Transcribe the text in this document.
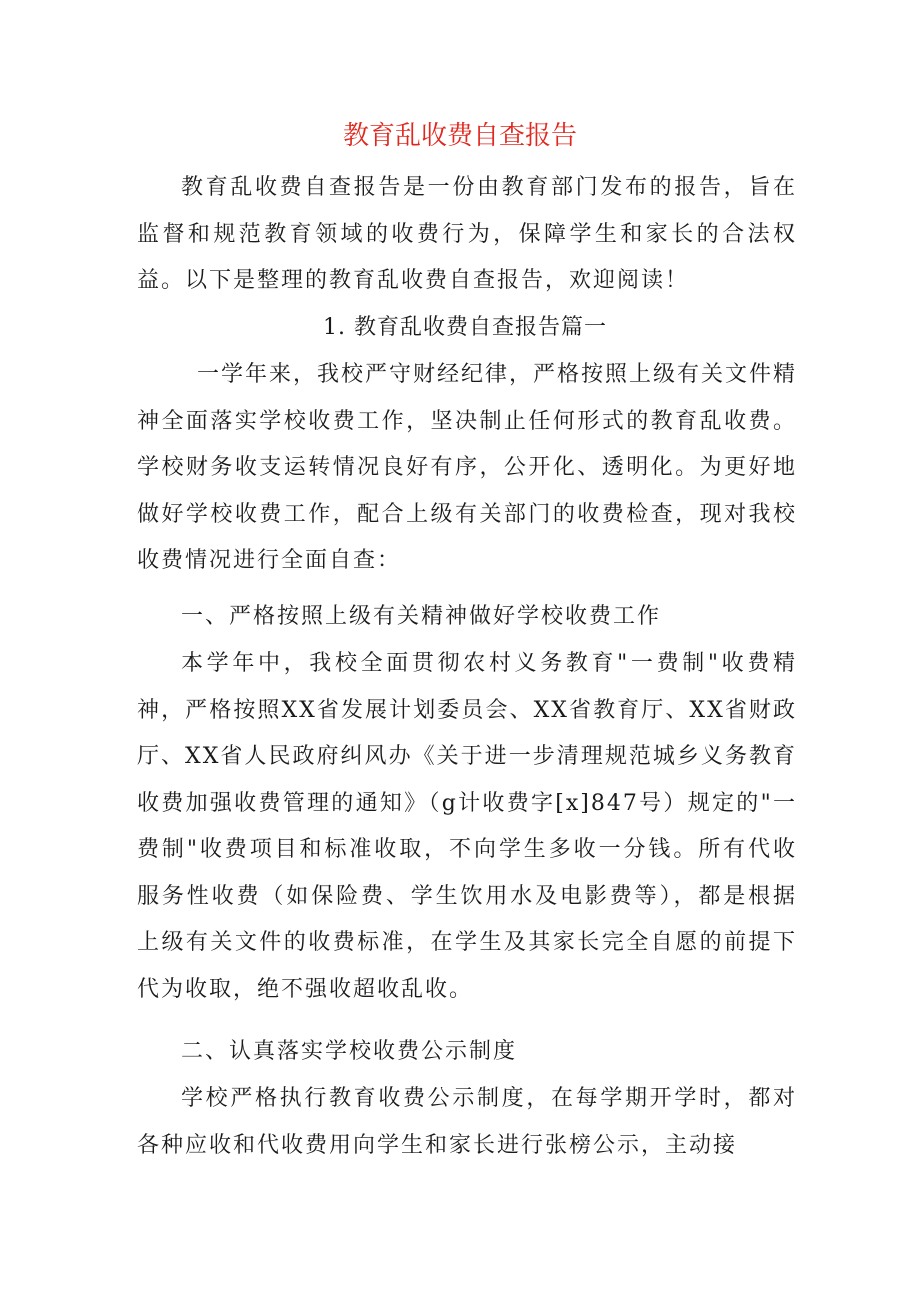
教育乱收费自查报告

教育乱收费自查报告是一份由教育部门发布的报告，旨在监督和规范教育领域的收费行为，保障学生和家长的合法权益。以下是整理的教育乱收费自查报告，欢迎阅读！

1. 教育乱收费自查报告篇一

一学年来，我校严守财经纪律，严格按照上级有关文件精神全面落实学校收费工作，坚决制止任何形式的教育乱收费。学校财务收支运转情况良好有序，公开化、透明化。为更好地做好学校收费工作，配合上级有关部门的收费检查，现对我校收费情况进行全面自查：

一、严格按照上级有关精神做好学校收费工作

本学年中，我校全面贯彻农村义务教育"一费制"收费精神，严格按照XX省发展计划委员会、XX省教育厅、XX省财政厅、XX省人民政府纠风办《关于进一步清理规范城乡义务教育收费加强收费管理的通知》（g计收费字[x]847号）规定的"一费制"收费项目和标准收取，不向学生多收一分钱。所有代收服务性收费（如保险费、学生饮用水及电影费等），都是根据上级有关文件的收费标准，在学生及其家长完全自愿的前提下代为收取，绝不强收超收乱收。

二、认真落实学校收费公示制度

学校严格执行教育收费公示制度，在每学期开学时，都对各种应收和代收费用向学生和家长进行张榜公示，主动接
